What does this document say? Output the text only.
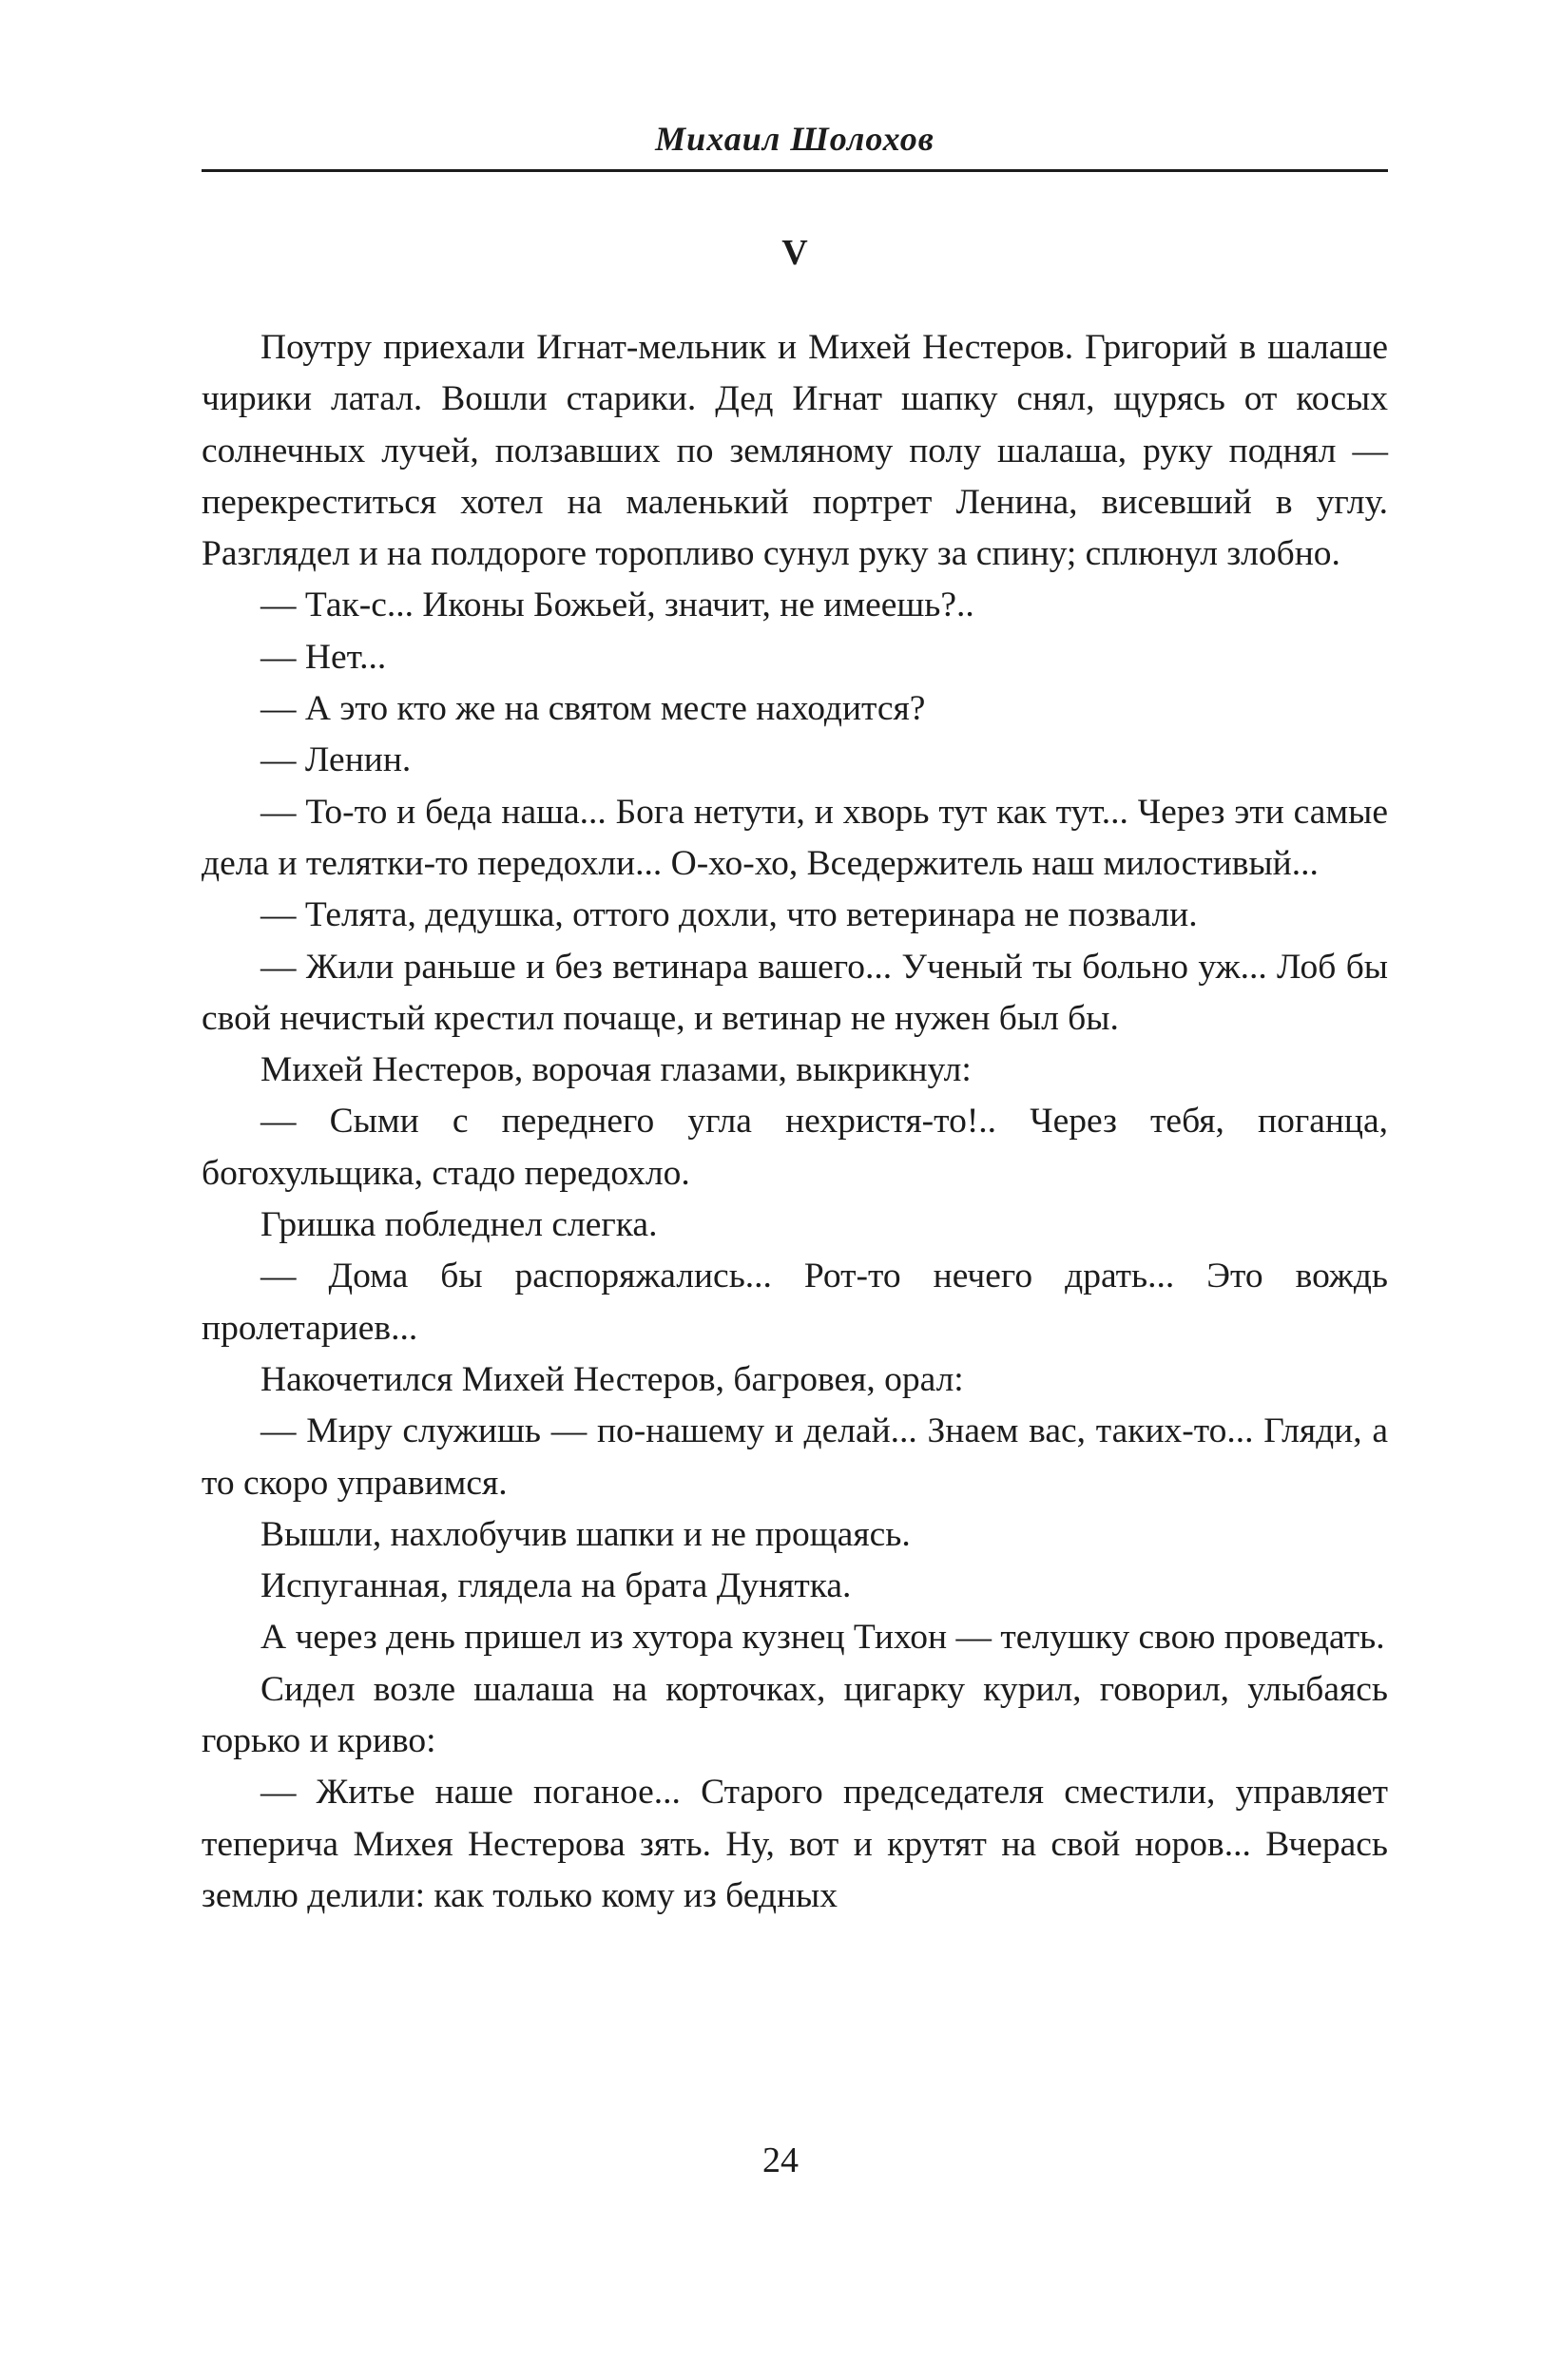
Михаил Шолохов
V

Поутру приехали Игнат-мельник и Михей Нестеров. Григорий в шалаше чирики латал. Вошли старики. Дед Игнат шапку снял, щурясь от косых солнечных лучей, ползавших по земляному полу шалаша, руку поднял — перекреститься хотел на маленький портрет Ленина, висевший в углу. Разглядел и на полдороге торопливо сунул руку за спину; сплюнул злобно.

— Так-с... Иконы Божьей, значит, не имеешь?..

— Нет...

— А это кто же на святом месте находится?

— Ленин.

— То-то и беда наша... Бога нетути, и хворь тут как тут... Через эти самые дела и телятки-то передохли... О-хо-хо, Вседержитель наш милостивый...

— Телята, дедушка, оттого дохли, что ветеринара не позвали.

— Жили раньше и без ветинара вашего... Ученый ты больно уж... Лоб бы свой нечистый крестил почаще, и ветинар не нужен был бы.

Михей Нестеров, ворочая глазами, выкрикнул:

— Сыми с переднего угла нехристя-то!.. Через тебя, поганца, богохульщика, стадо передохло.

Гришка побледнел слегка.

— Дома бы распоряжались... Рот-то нечего драть... Это вождь пролетариев...

Накочетился Михей Нестеров, багровея, орал:

— Миру служишь — по-нашему и делай... Знаем вас, таких-то... Гляди, а то скоро управимся.

Вышли, нахлобучив шапки и не прощаясь.

Испуганная, глядела на брата Дунятка.

А через день пришел из хутора кузнец Тихон — телушку свою проведать.

Сидел возле шалаша на корточках, цигарку курил, говорил, улыбаясь горько и криво:

— Житье наше поганое... Старого председателя сместили, управляет теперича Михея Нестерова зять. Ну, вот и крутят на свой норов... Вчерась землю делили: как только кому из бедных

24
